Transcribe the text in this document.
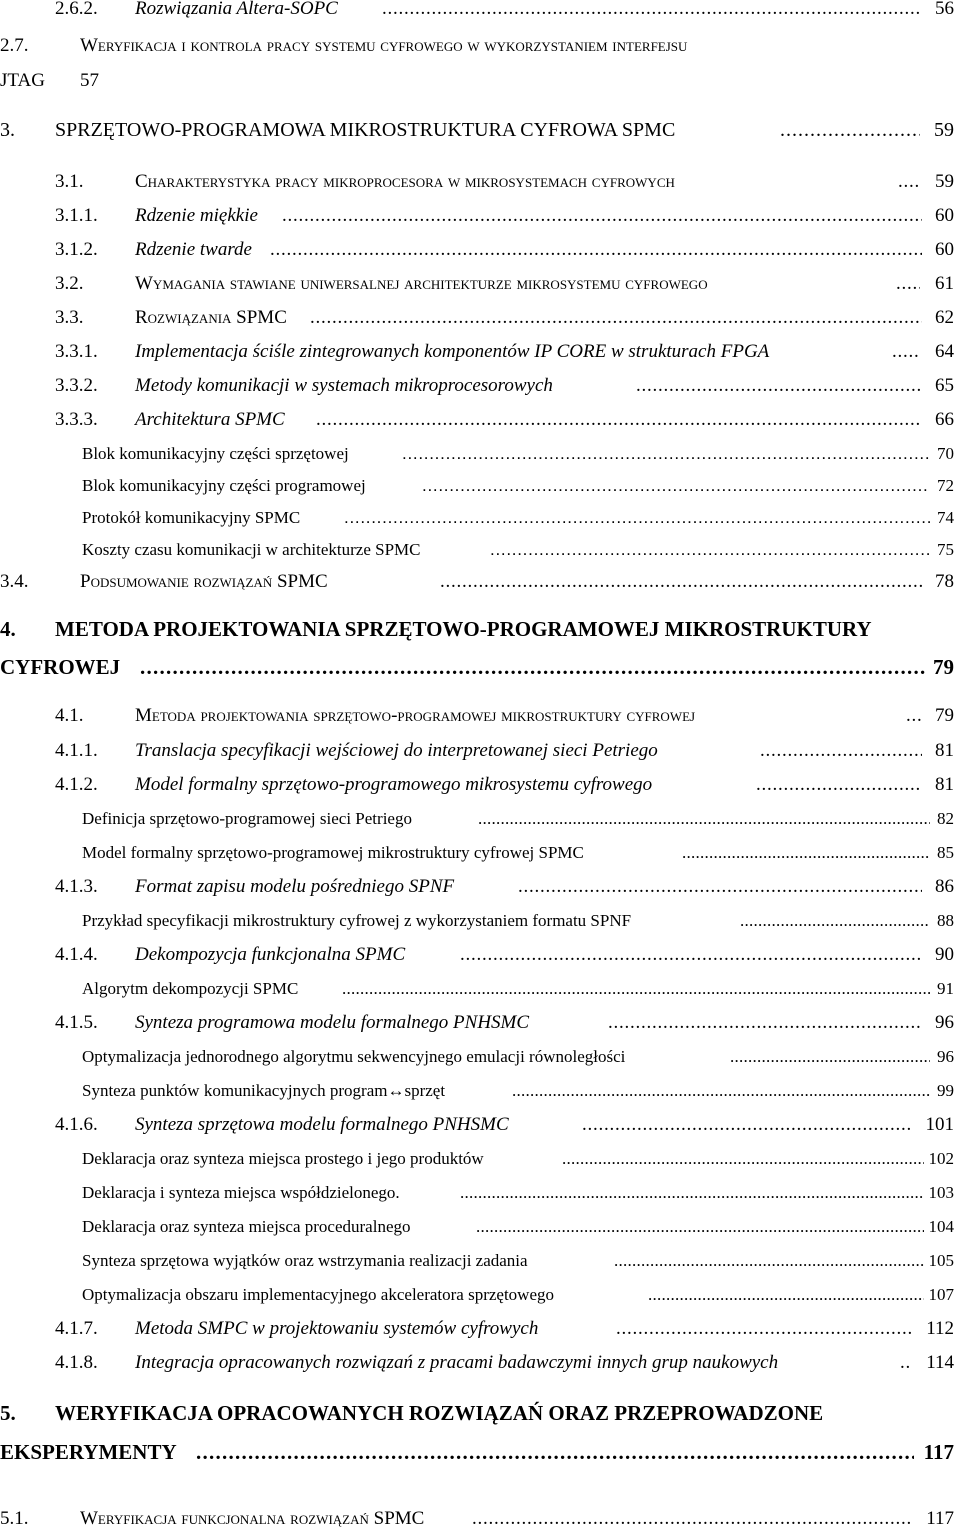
2.6.2. Rozwiązania Altera-SOPC . . .	56
2.7.	Weryfikacja i kontrola pracy systemu cyfrowego w wykorzystaniem interfejsu
JTAG 57
3. SPRZĘTOWO-PROGRAMOWA MIKROSTRUKTURA CYFROWA SPMC . . .	59
3.1.	Charakterystyka pracy mikroprocesora w mikrosystemach cyfrowych . . .	59
3.1.1. Rdzenie miękkie . . .	60
3.1.2. Rdzenie twarde . . .	60
3.2.	Wymagania stawiane uniwersalnej architekturze mikrosystemu cyfrowego . . .	61
3.3.	Rozwiązania SPMC . . .	62
3.3.1. Implementacja ściśle zintegrowanych komponentów IP CORE w strukturach FPGA . . .	64
3.3.2. Metody komunikacji w systemach mikroprocesorowych . . .	65
3.3.3. Architektura SPMC . . .	66
Blok komunikacyjny części sprzętowej . . .	70
Blok komunikacyjny części programowej . . .	72
Protokół komunikacyjny SPMC . . .	74
Koszty czasu komunikacji w architekturze SPMC . . .	75
3.4.	Podsumowanie rozwiązań SPMC . . .	78
4. METODA PROJEKTOWANIA SPRZĘTOWO-PROGRAMOWEJ MIKROSTRUKTURY
CYFROWEJ . . .	79
4.1.	Metoda projektowania sprzętowo-programowej mikrostruktury cyfrowej . . .	79
4.1.1. Translacja specyfikacji wejściowej do interpretowanej sieci Petriego . . .	81
4.1.2. Model formalny sprzętowo-programowego mikrosystemu cyfrowego . . .	81
Definicja sprzętowo-programowej sieci Petriego . . .	82
Model formalny sprzętowo-programowej mikrostruktury cyfrowej SPMC . . .	85
4.1.3. Format zapisu modelu pośredniego SPNF . . .	86
Przykład specyfikacji mikrostruktury cyfrowej z wykorzystaniem formatu SPNF . . .	88
4.1.4. Dekompozycja funkcjonalna SPMC . . .	90
Algorytm dekompozycji SPMC . . .	91
4.1.5. Synteza programowa modelu formalnego PNHSMC . . .	96
Optymalizacja jednorodnego algorytmu sekwencyjnego emulacji równoległości . . .	96
Synteza punktów komunikacyjnych program↔sprzęt . . .	99
4.1.6. Synteza sprzętowa modelu formalnego PNHSMC . . .	101
Deklaracja oraz synteza miejsca prostego i jego produktów . . .	102
Deklaracja i synteza miejsca współdzielonego. . . .	103
Deklaracja oraz synteza miejsca proceduralnego . . .	104
Synteza sprzętowa wyjątków oraz wstrzymania realizacji zadania . . .	105
Optymalizacja obszaru implementacyjnego akceleratora sprzętowego . . .	107
4.1.7. Metoda SMPC w projektowaniu systemów cyfrowych . . .	112
4.1.8. Integracja opracowanych rozwiązań z pracami badawczymi innych grup naukowych . . .	114
5. WERYFIKACJA OPRACOWANYCH ROZWIĄZAŃ ORAZ PRZEPROWADZONE
EKSPERYMENTY . . .	117
5.1.	Weryfikacja funkcjonalna rozwiązań SPMC . . .	117
